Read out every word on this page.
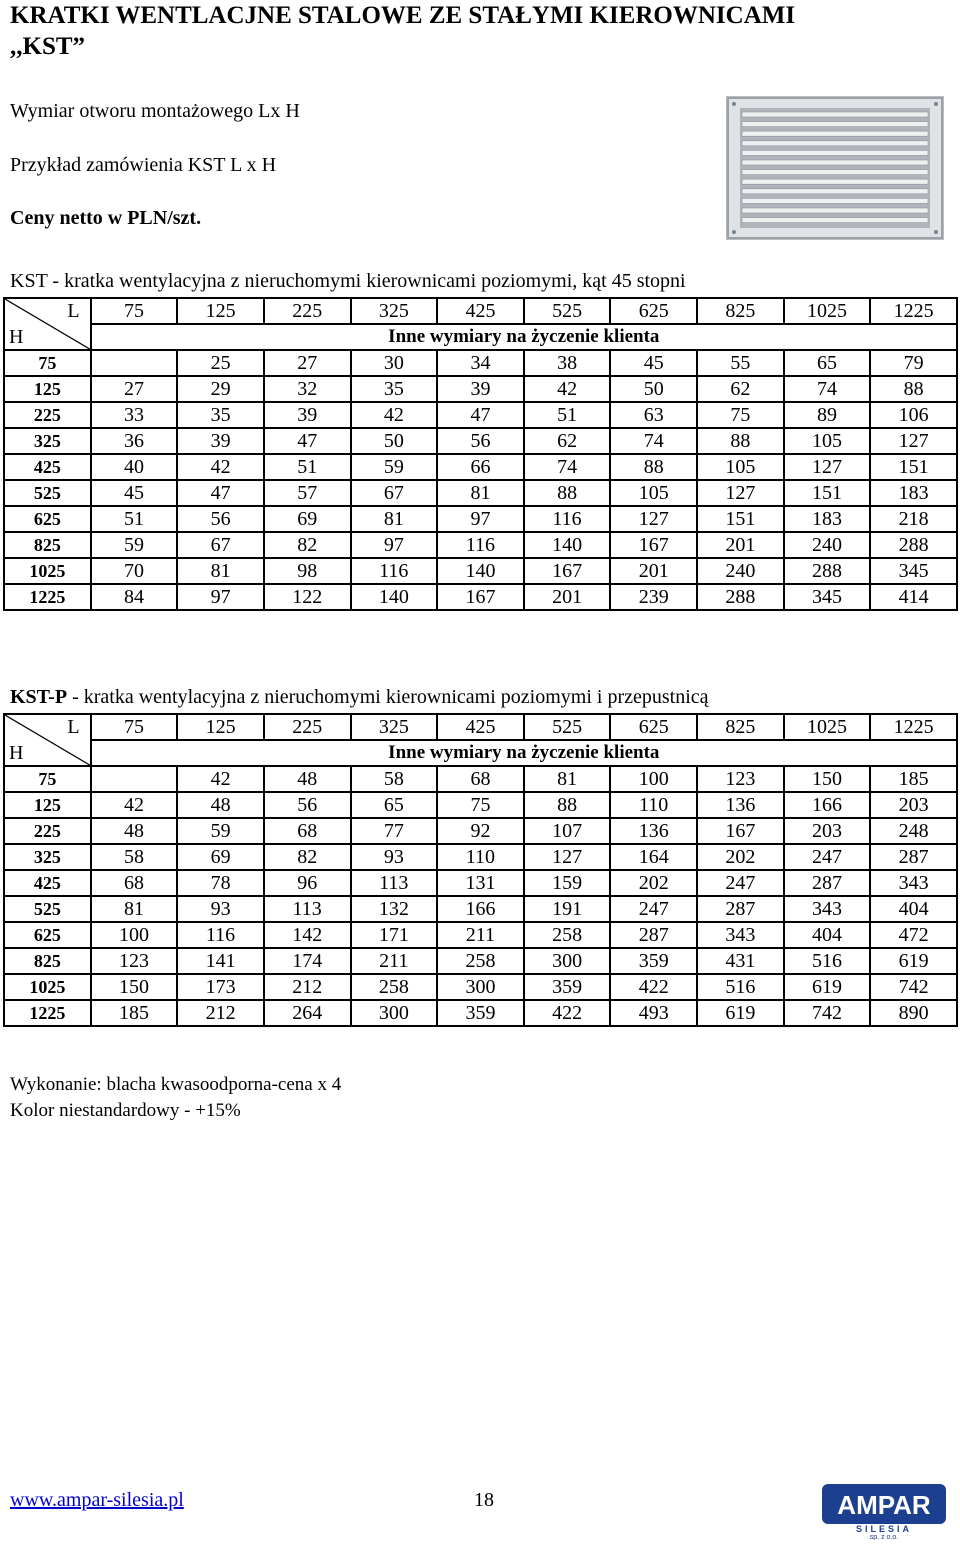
KRATKI WENTLACJNE STALOWE ZE STAŁYMI KIEROWNICAMI
,,KST”
Wymiar otworu montażowego Lx H
Przykład zamówienia KST L x H
Ceny netto w PLN/szt.
KST - kratka wentylacyjna z nieruchomymi kierownicami poziomymi, kąt 45 stopni
L
H	75	125	225	325	425	525	625	825	1025	1225
	Inne wymiary na życzenie klienta									
75		25	27	30	34	38	45	55	65	79
125	27	29	32	35	39	42	50	62	74	88
225	33	35	39	42	47	51	63	75	89	106
325	36	39	47	50	56	62	74	88	105	127
425	40	42	51	59	66	74	88	105	127	151
525	45	47	57	67	81	88	105	127	151	183
625	51	56	69	81	97	116	127	151	183	218
825	59	67	82	97	116	140	167	201	240	288
1025	70	81	98	116	140	167	201	240	288	345
1225	84	97	122	140	167	201	239	288	345	414
KST-P - kratka wentylacyjna z nieruchomymi kierownicami poziomymi i przepustnicą
L
H	75	125	225	325	425	525	625	825	1025	1225
	Inne wymiary na życzenie klienta									
75		42	48	58	68	81	100	123	150	185
125	42	48	56	65	75	88	110	136	166	203
225	48	59	68	77	92	107	136	167	203	248
325	58	69	82	93	110	127	164	202	247	287
425	68	78	96	113	131	159	202	247	287	343
525	81	93	113	132	166	191	247	287	343	404
625	100	116	142	171	211	258	287	343	404	472
825	123	141	174	211	258	300	359	431	516	619
1025	150	173	212	258	300	359	422	516	619	742
1225	185	212	264	300	359	422	493	619	742	890
Wykonanie: blacha kwasoodporna-cena x 4
Kolor niestandardowy - +15%
www.ampar-silesia.pl	18	AMPAR
SILESIA
sp. z o.o.
